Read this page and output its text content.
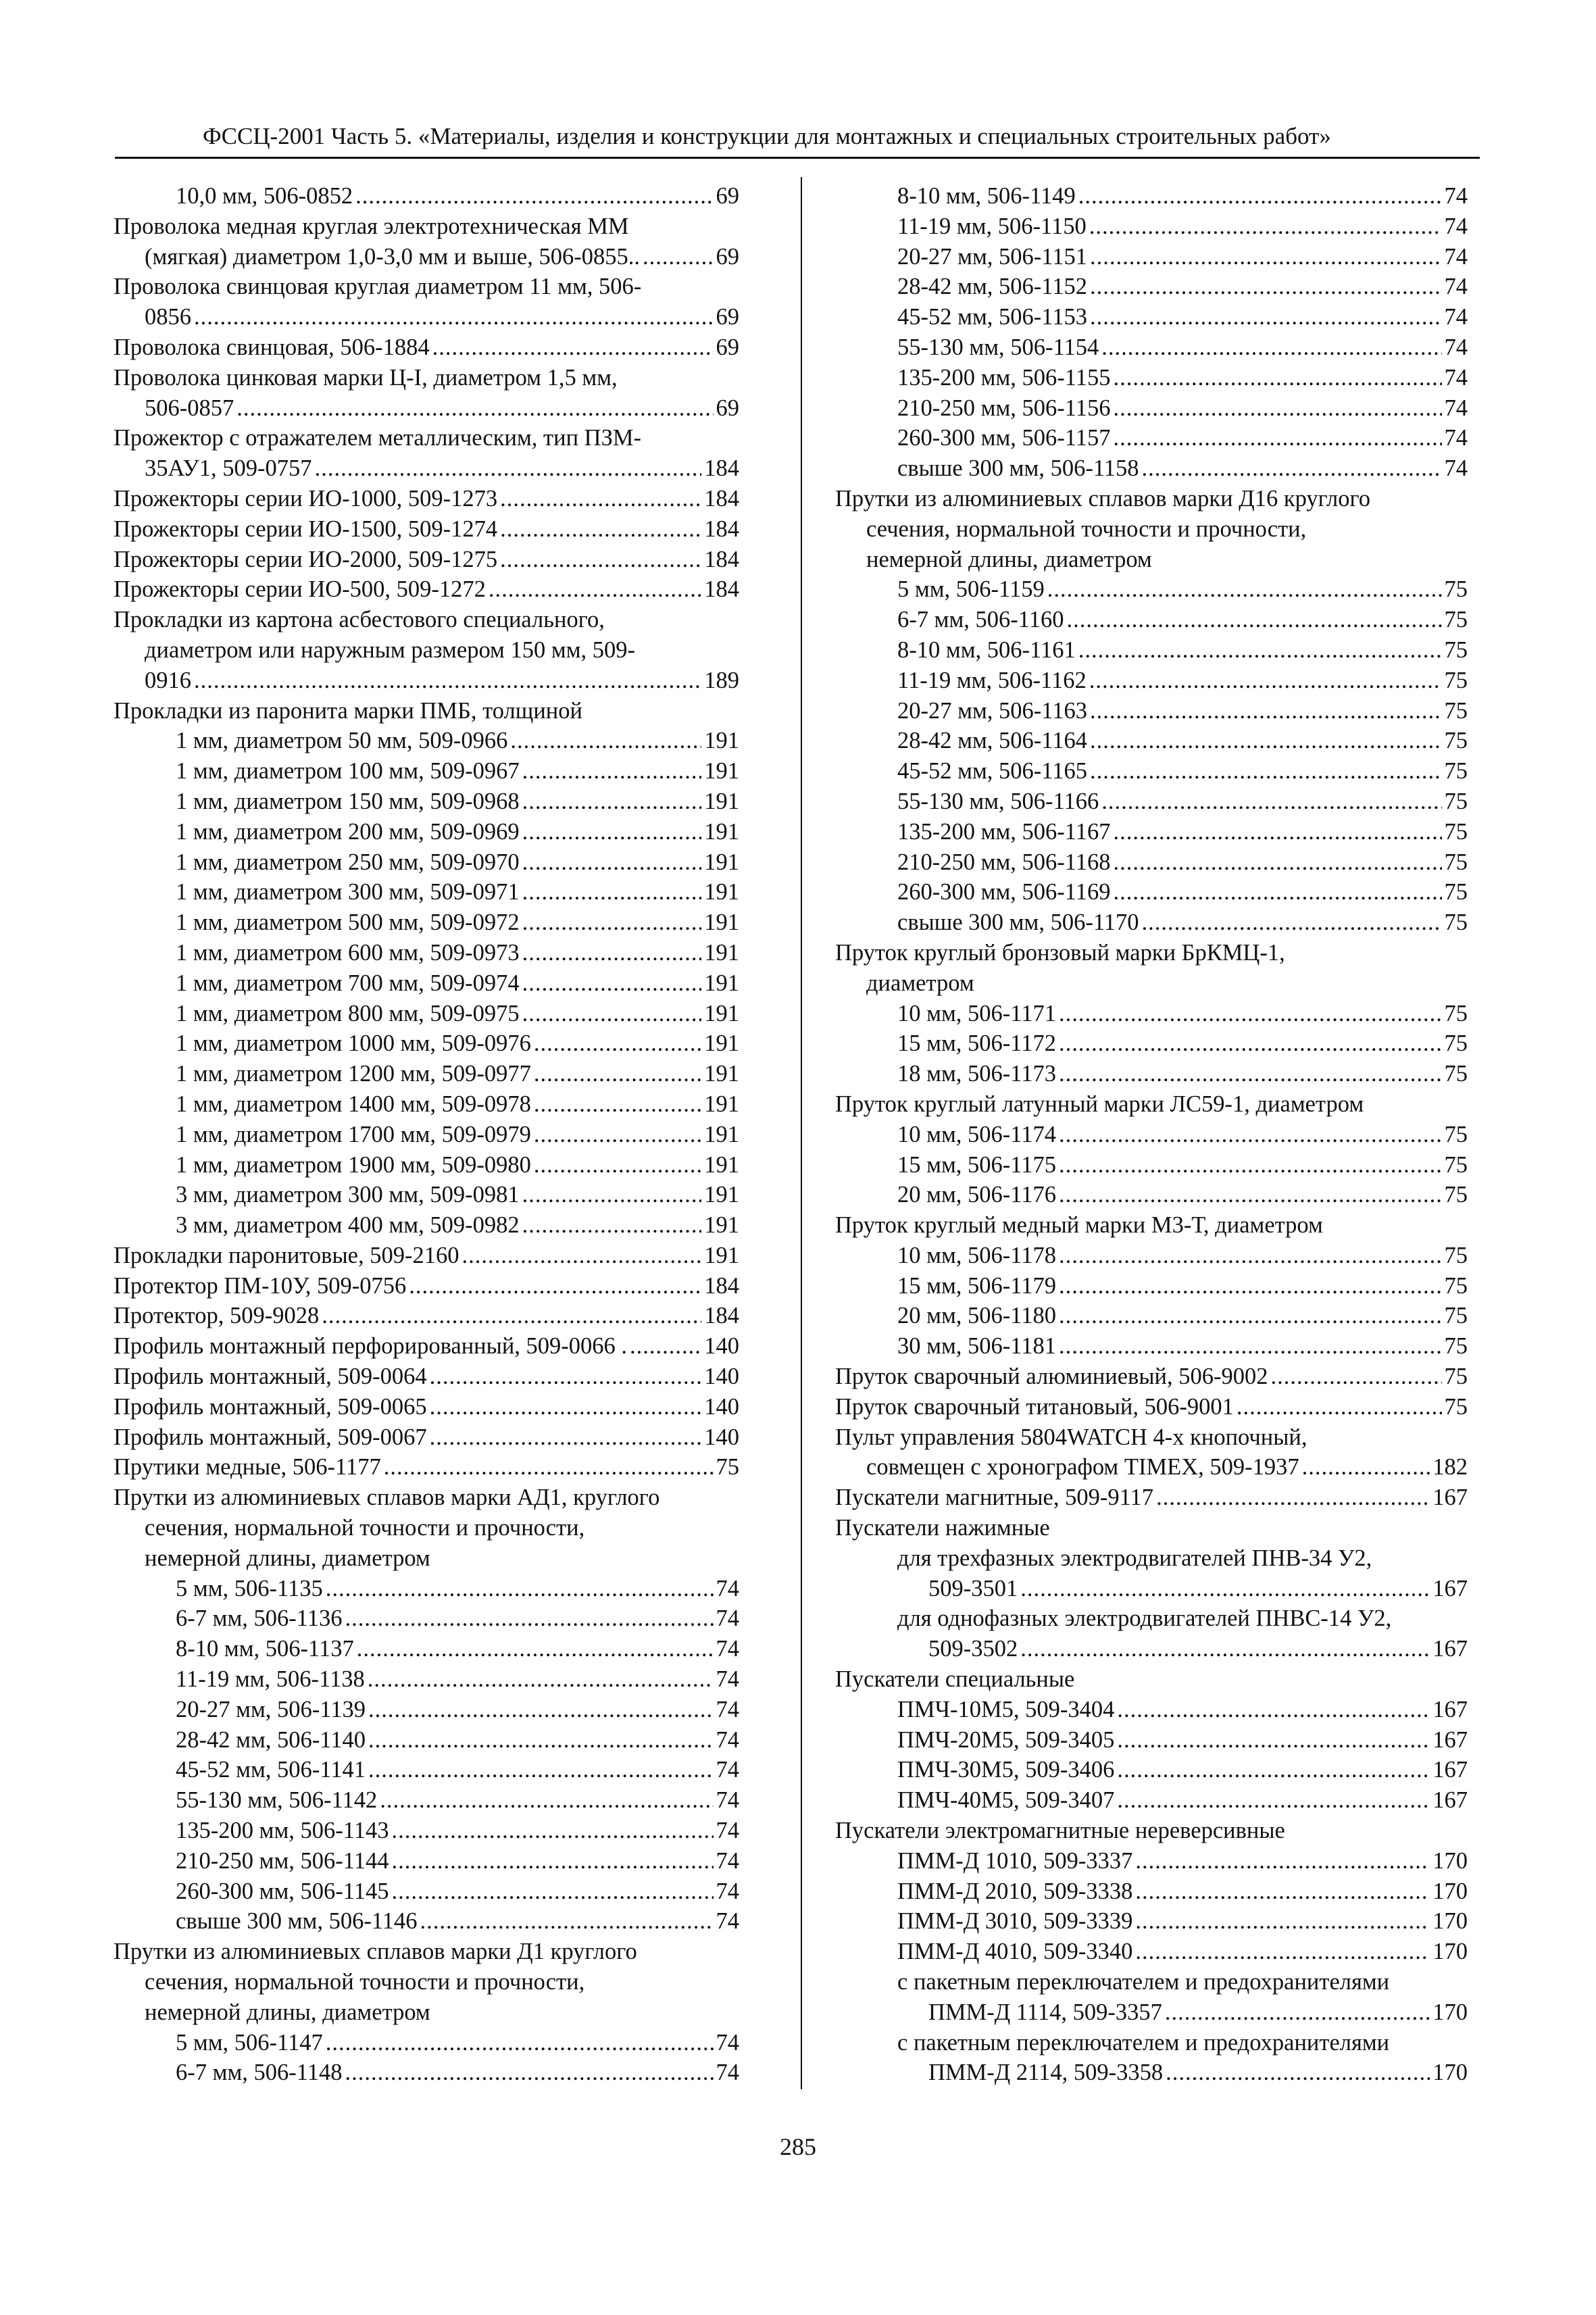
ФССЦ-2001 Часть 5. «Материалы, изделия и конструкции для монтажных и специальных строительных работ»
10,0 мм, 506-0852 .....	69
Проволока медная круглая электротехническая ММ
(мягкая) диаметром 1,0-3,0 мм и выше, 506-0855.. .....	69
Проволока свинцовая круглая диаметром 11 мм, 506-
0856 .....	69
Проволока свинцовая, 506-1884 .....	69
Проволока цинковая марки Ц-I, диаметром 1,5 мм,
506-0857 .....	69
Прожектор с отражателем металлическим, тип ПЗМ-
35АУ1, 509-0757 .....	184
Прожекторы серии ИО-1000, 509-1273 .....	184
Прожекторы серии ИО-1500, 509-1274 .....	184
Прожекторы серии ИО-2000, 509-1275 .....	184
Прожекторы серии ИО-500, 509-1272 .....	184
Прокладки из картона асбестового специального,
диаметром или наружным размером 150 мм, 509-
0916 .....	189
Прокладки из паронита марки ПМБ, толщиной
1 мм, диаметром 50 мм, 509-0966 .....	191
1 мм, диаметром 100 мм, 509-0967 .....	191
1 мм, диаметром 150 мм, 509-0968 .....	191
1 мм, диаметром 200 мм, 509-0969 .....	191
1 мм, диаметром 250 мм, 509-0970 .....	191
1 мм, диаметром 300 мм, 509-0971 .....	191
1 мм, диаметром 500 мм, 509-0972 .....	191
1 мм, диаметром 600 мм, 509-0973 .....	191
1 мм, диаметром 700 мм, 509-0974 .....	191
1 мм, диаметром 800 мм, 509-0975 .....	191
1 мм, диаметром 1000 мм, 509-0976 .....	191
1 мм, диаметром 1200 мм, 509-0977 .....	191
1 мм, диаметром 1400 мм, 509-0978 .....	191
1 мм, диаметром 1700 мм, 509-0979 .....	191
1 мм, диаметром 1900 мм, 509-0980 .....	191
3 мм, диаметром 300 мм, 509-0981 .....	191
3 мм, диаметром 400 мм, 509-0982 .....	191
Прокладки паронитовые, 509-2160 .....	191
Протектор ПМ-10У, 509-0756 .....	184
Протектор, 509-9028 .....	184
Профиль монтажный перфорированный, 509-0066 . .....	140
Профиль монтажный, 509-0064 .....	140
Профиль монтажный, 509-0065 .....	140
Профиль монтажный, 509-0067 .....	140
Прутики медные, 506-1177 .....	75
Прутки из алюминиевых сплавов марки АД1, круглого
сечения, нормальной точности и прочности,
немерной длины, диаметром
5 мм, 506-1135 .....	74
6-7 мм, 506-1136 .....	74
8-10 мм, 506-1137 .....	74
11-19 мм, 506-1138 .....	74
20-27 мм, 506-1139 .....	74
28-42 мм, 506-1140 .....	74
45-52 мм, 506-1141 .....	74
55-130 мм, 506-1142 .....	74
135-200 мм, 506-1143 .....	74
210-250 мм, 506-1144 .....	74
260-300 мм, 506-1145 .....	74
свыше 300 мм, 506-1146 .....	74
Прутки из алюминиевых сплавов марки Д1 круглого
сечения, нормальной точности и прочности,
немерной длины, диаметром
5 мм, 506-1147 .....	74
6-7 мм, 506-1148 .....	74
8-10 мм, 506-1149 .....	74
11-19 мм, 506-1150 .....	74
20-27 мм, 506-1151 .....	74
28-42 мм, 506-1152 .....	74
45-52 мм, 506-1153 .....	74
55-130 мм, 506-1154 .....	74
135-200 мм, 506-1155 .....	74
210-250 мм, 506-1156 .....	74
260-300 мм, 506-1157 .....	74
свыше 300 мм, 506-1158 .....	74
Прутки из алюминиевых сплавов марки Д16 круглого
сечения, нормальной точности и прочности,
немерной длины, диаметром
5 мм, 506-1159 .....	75
6-7 мм, 506-1160 .....	75
8-10 мм, 506-1161 .....	75
11-19 мм, 506-1162 .....	75
20-27 мм, 506-1163 .....	75
28-42 мм, 506-1164 .....	75
45-52 мм, 506-1165 .....	75
55-130 мм, 506-1166 .....	75
135-200 мм, 506-1167 .....	75
210-250 мм, 506-1168 .....	75
260-300 мм, 506-1169 .....	75
свыше 300 мм, 506-1170 .....	75
Пруток круглый бронзовый марки БрКМЦ-1,
диаметром
10 мм, 506-1171 .....	75
15 мм, 506-1172 .....	75
18 мм, 506-1173 .....	75
Пруток круглый латунный марки ЛС59-1, диаметром
10 мм, 506-1174 .....	75
15 мм, 506-1175 .....	75
20 мм, 506-1176 .....	75
Пруток круглый медный марки М3-Т, диаметром
10 мм, 506-1178 .....	75
15 мм, 506-1179 .....	75
20 мм, 506-1180 .....	75
30 мм, 506-1181 .....	75
Пруток сварочный алюминиевый, 506-9002 .....	75
Пруток сварочный титановый, 506-9001 .....	75
Пульт управления 5804WATCH 4-х кнопочный,
совмещен с хронографом TIMEX, 509-1937 .....	182
Пускатели магнитные, 509-9117 .....	167
Пускатели нажимные
для трехфазных электродвигателей ПНВ-34 У2,
509-3501 .....	167
для однофазных электродвигателей ПНВС-14 У2,
509-3502 .....	167
Пускатели специальные
ПМЧ-10М5, 509-3404 .....	167
ПМЧ-20М5, 509-3405 .....	167
ПМЧ-30М5, 509-3406 .....	167
ПМЧ-40М5, 509-3407 .....	167
Пускатели электромагнитные нереверсивные
ПММ-Д 1010, 509-3337 .....	170
ПММ-Д 2010, 509-3338 .....	170
ПММ-Д 3010, 509-3339 .....	170
ПММ-Д 4010, 509-3340 .....	170
с пакетным переключателем и предохранителями
ПММ-Д 1114, 509-3357 .....	170
с пакетным переключателем и предохранителями
ПММ-Д 2114, 509-3358 .....	170
285
